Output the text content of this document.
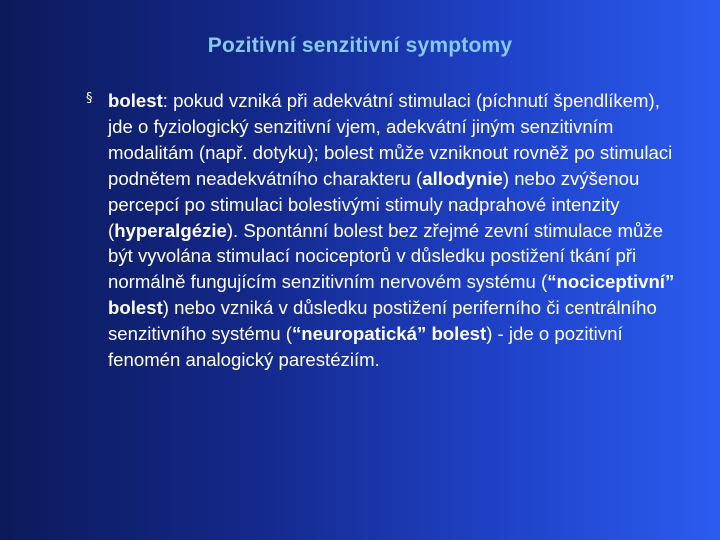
Pozitivní senzitivní symptomy
§ bolest: pokud vzniká při adekvátní stimulaci (píchnutí špendlíkem), jde o fyziologický senzitivní vjem, adekvátní jiným senzitivním modalitám (např. dotyku); bolest může vzniknout rovněž po stimulaci podnětem neadekvátního charakteru (allodynie) nebo zvýšenou percepcí po stimulaci bolestivými stimuly nadprahové intenzity (hyperalgézie). Spontánní bolest bez zřejmé zevní stimulace může být vyvolána stimulací nociceptorů v důsledku postižení tkání při normálně fungujícím senzitivním nervovém systému (“nociceptivní” bolest) nebo vzniká v důsledku postižení periferního či centrálního senzitivního systému (“neuropatická” bolest) - jde o pozitivní fenomén analogický parestéziím.
